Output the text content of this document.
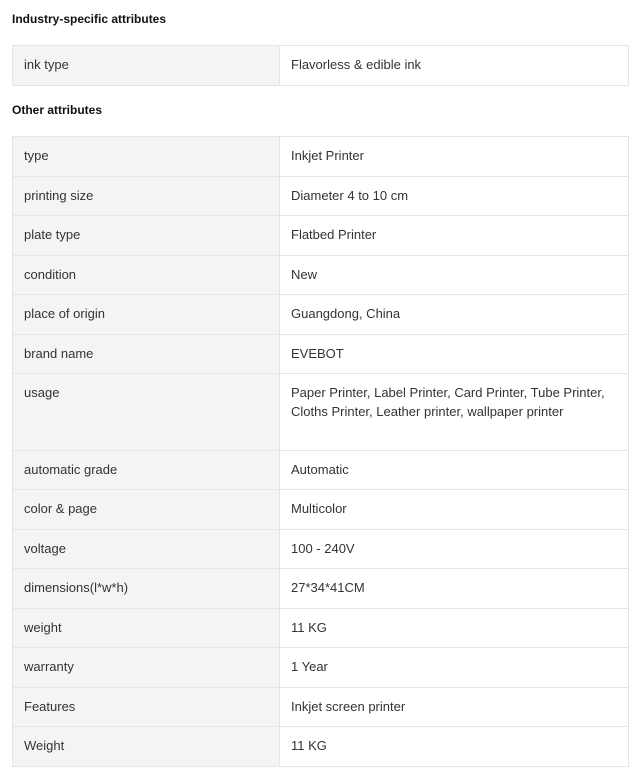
Industry-specific attributes
ink type	Flavorless & edible ink
Other attributes
type	Inkjet Printer
printing size	Diameter 4 to 10 cm
plate type	Flatbed Printer
condition	New
place of origin	Guangdong, China
brand name	EVEBOT
usage	Paper Printer, Label Printer, Card Printer, Tube Printer, Cloths Printer, Leather printer, wallpaper printer
automatic grade	Automatic
color & page	Multicolor
voltage	100 - 240V
dimensions(l*w*h)	27*34*41CM
weight	11 KG
warranty	1 Year
Features	Inkjet screen printer
Weight	11 KG
